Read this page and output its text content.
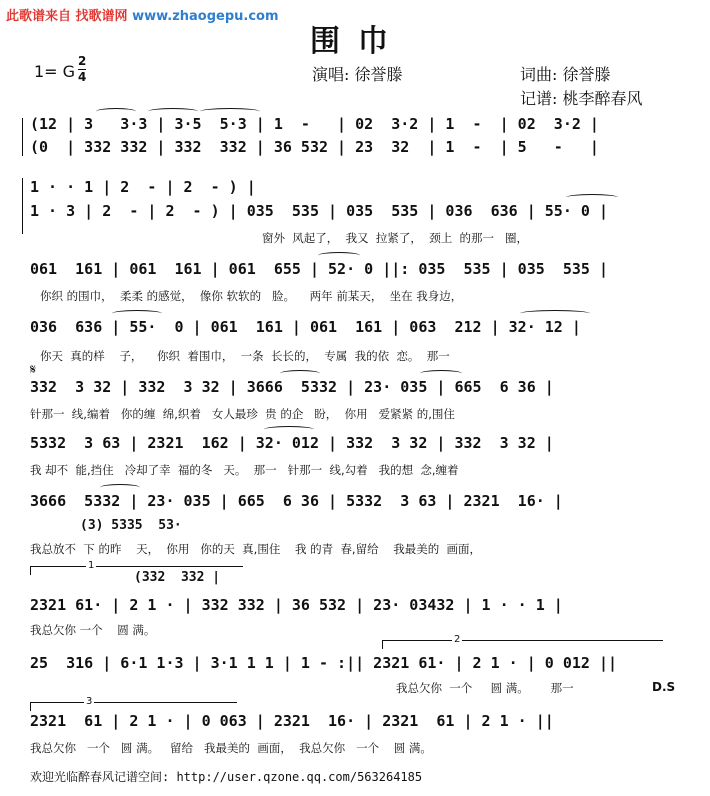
此歌谱来自 找歌谱网 www.zhaogepu.com
围巾
演唱: 徐誉滕	词曲: 徐誉滕
记谱: 桃李醉春风
1= G
2
4
(12 | 3   3·3 | 3·5  5·3 | 1  -   | 02  3·2 | 1  -  | 02  3·2 |
(0  | 332 332 | 332  332 | 36 532 | 23  32  | 1  -  | 5   -   |
1 · · 1 | 2  - | 2  - ) |
1 · 3 | 2  - | 2  - ) | 035  535 | 035  535 | 036  636 | 55· 0 |
窗外  风起了，  我又  拉紧了，  颈上  的那一   圈，
061  161 | 061  161 | 061  655 | 52· 0 ||: 035  535 | 035  535 |
你织 的围巾，  柔柔 的感觉，  像你 软软的   脸。    两年 前某天，  坐在 我身边，
036  636 | 55·  0 | 061  161 | 061  161 | 063  212 | 32· 12 |
你天  真的样    子，    你织  着围巾，  一条  长长的，  专属  我的依  恋。  那一
𝄋
332  3 32 | 332  3 32 | 3666  5332 | 23· 035 | 665  6 36 |
针那一  线,编着   你的缠  绵,织着   女人最珍  贵 的企   盼，  你用   爱紧紧 的,围住
5332  3 63 | 2321  162 | 32· 012 | 332  3 32 | 332  3 32 |
我 却不  能,挡住   冷却了幸  福的冬   天。  那一   针那一  线,勾着   我的想  念,缠着
3666  5332 | 23· 035 | 665  6 36 | 5332  3 63 | 2321  16· |
(3) 5335  53·
我总放不  下 的昨    天，  你用   你的天  真,围住    我 的青  春,留给    我最美的  画面，
1
(332  332 |
2321 61· | 2 1 · | 332 332 | 36 532 | 23· 03432 | 1 · · 1 |
我总欠你 一个    圆 满。
2
25  316 | 6·1 1·3 | 3·1 1 1 | 1 - :|| 2321 61· | 2 1 · | 0 012 ||
我总欠你  一个     圆 满。      那一	D.S
3
2321  61 | 2 1 · | 0 063 | 2321  16· | 2321  61 | 2 1 · ||
我总欠你   一个   圆 满。   留给   我最美的  画面，  我总欠你   一个    圆 满。
欢迎光临醉春风记谱空间: http://user.qzone.qq.com/563264185
